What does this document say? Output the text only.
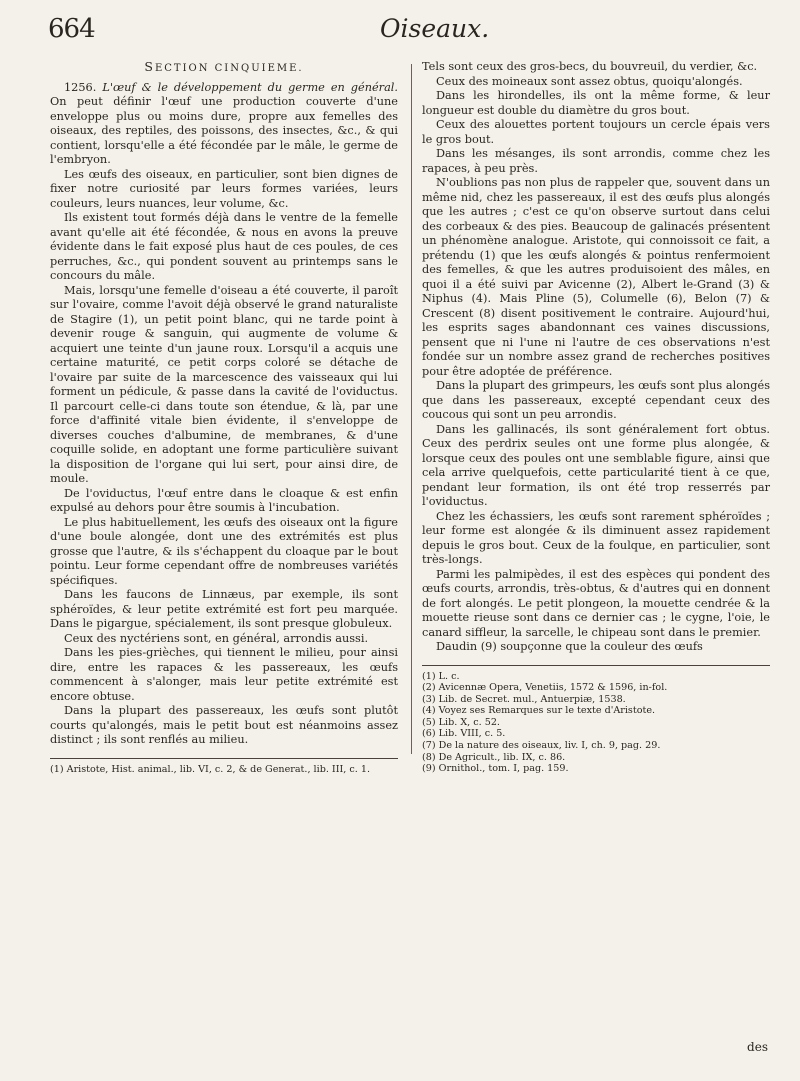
664	Oiseaux.

SECTION CINQUIEME.

1256. L'œuf & le développement du germe en général. On peut définir l'œuf une production couverte d'une enveloppe plus ou moins dure, propre aux femelles des oiseaux, des reptiles, des poissons, des insectes, &c., & qui contient, lorsqu'elle a été fécondée par le mâle, le germe de l'embryon.

Les œufs des oiseaux, en particulier, sont bien dignes de fixer notre curiosité par leurs formes variées, leurs couleurs, leurs nuances, leur volume, &c.

Ils existent tout formés déjà dans le ventre de la femelle avant qu'elle ait été fécondée, & nous en avons la preuve évidente dans le fait exposé plus haut de ces poules, de ces perruches, &c., qui pondent souvent au printemps sans le concours du mâle.

Mais, lorsqu'une femelle d'oiseau a été couverte, il paroît sur l'ovaire, comme l'avoit déjà observé le grand naturaliste de Stagire (1), un petit point blanc, qui ne tarde point à devenir rouge & sanguin, qui augmente de volume & acquiert une teinte d'un jaune roux. Lorsqu'il a acquis une certaine maturité, ce petit corps coloré se détache de l'ovaire par suite de la marcescence des vaisseaux qui lui forment un pédicule, & passe dans la cavité de l'oviductus. Il parcourt celle-ci dans toute son étendue, & là, par une force d'affinité vitale bien évidente, il s'enveloppe de diverses couches d'albumine, de membranes, & d'une coquille solide, en adoptant une forme particulière suivant la disposition de l'organe qui lui sert, pour ainsi dire, de moule.

De l'oviductus, l'œuf entre dans le cloaque & est enfin expulsé au dehors pour être soumis à l'incubation.

Le plus habituellement, les œufs des oiseaux ont la figure d'une boule alongée, dont une des extrémités est plus grosse que l'autre, & ils s'échappent du cloaque par le bout pointu. Leur forme cependant offre de nombreuses variétés spécifiques.

Dans les faucons de Linnæus, par exemple, ils sont sphéroïdes, & leur petite extrémité est fort peu marquée. Dans le pigargue, spécialement, ils sont presque globuleux.

Ceux des nyctériens sont, en général, arrondis aussi.

Dans les pies-grièches, qui tiennent le milieu, pour ainsi dire, entre les rapaces & les passereaux, les œufs commencent à s'alonger, mais leur petite extrémité est encore obtuse.

Dans la plupart des passereaux, les œufs sont plutôt courts qu'alongés, mais le petit bout est néanmoins assez distinct ; ils sont renflés au milieu.

(1) Aristote, Hist. animal., lib. VI, c. 2, & de Generat., lib. III, c. 1.

Tels sont ceux des gros-becs, du bouvreuil, du verdier, &c.

Ceux des moineaux sont assez obtus, quoiqu'alongés.

Dans les hirondelles, ils ont la même forme, & leur longueur est double du diamètre du gros bout.

Ceux des alouettes portent toujours un cercle épais vers le gros bout.

Dans les mésanges, ils sont arrondis, comme chez les rapaces, à peu près.

N'oublions pas non plus de rappeler que, souvent dans un même nid, chez les passereaux, il est des œufs plus alongés que les autres ; c'est ce qu'on observe surtout dans celui des corbeaux & des pies. Beaucoup de galinacés présentent un phénomène analogue. Aristote, qui connoissoit ce fait, a prétendu (1) que les œufs alongés & pointus renfermoient des femelles, & que les autres produisoient des mâles, en quoi il a été suivi par Avicenne (2), Albert le-Grand (3) & Niphus (4). Mais Pline (5), Columelle (6), Belon (7) & Crescent (8) disent positivement le contraire. Aujourd'hui, les esprits sages abandonnant ces vaines discussions, pensent que ni l'une ni l'autre de ces observations n'est fondée sur un nombre assez grand de recherches positives pour être adoptée de préférence.

Dans la plupart des grimpeurs, les œufs sont plus alongés que dans les passereaux, excepté cependant ceux des coucous qui sont un peu arrondis.

Dans les gallinacés, ils sont généralement fort obtus. Ceux des perdrix seules ont une forme plus alongée, & lorsque ceux des poules ont une semblable figure, ainsi que cela arrive quelquefois, cette particularité tient à ce que, pendant leur formation, ils ont été trop resserrés par l'oviductus.

Chez les échassiers, les œufs sont rarement sphéroïdes ; leur forme est alongée & ils diminuent assez rapidement depuis le gros bout. Ceux de la foulque, en particulier, sont très-longs.

Parmi les palmipèdes, il est des espèces qui pondent des œufs courts, arrondis, très-obtus, & d'autres qui en donnent de fort alongés. Le petit plongeon, la mouette cendrée & la mouette rieuse sont dans ce dernier cas ; le cygne, l'oie, le canard siffleur, la sarcelle, le chipeau sont dans le premier.

Daudin (9) soupçonne que la couleur des œufs

(1) L. c.
(2) Avicennæ Opera, Venetiis, 1572 & 1596, in-fol.
(3) Lib. de Secret. mul., Antuerpiæ, 1538.
(4) Voyez ses Remarques sur le texte d'Aristote.
(5) Lib. X, c. 52.
(6) Lib. VIII, c. 5.
(7) De la nature des oiseaux, liv. I, ch. 9, pag. 29.
(8) De Agricult., lib. IX, c. 86.
(9) Ornithol., tom. I, pag. 159.
des
